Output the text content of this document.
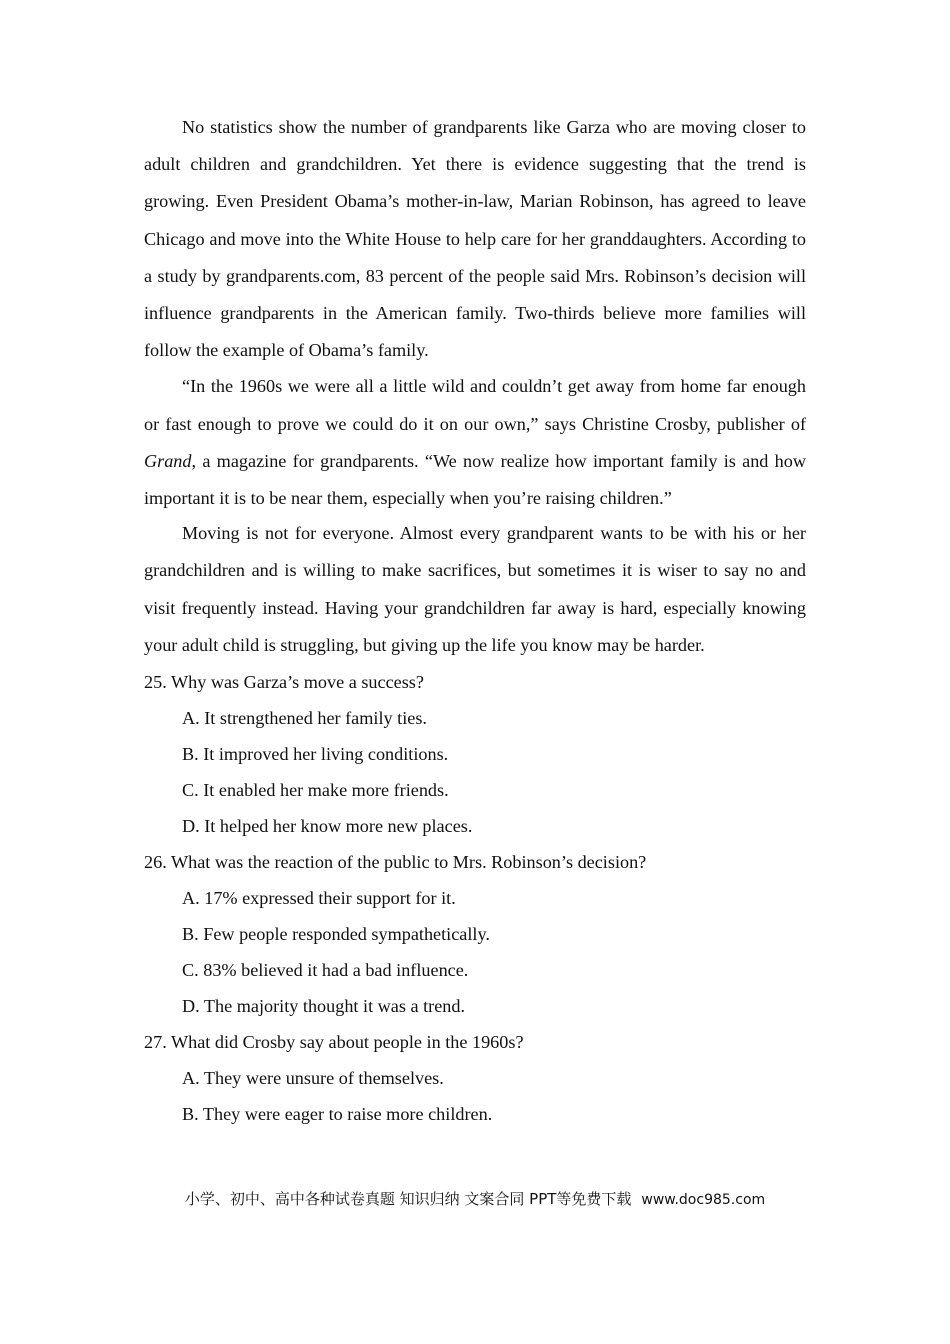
No statistics show the number of grandparents like Garza who are moving closer to adult children and grandchildren. Yet there is evidence suggesting that the trend is growing. Even President Obama’s mother-in-law, Marian Robinson, has agreed to leave Chicago and move into the White House to help care for her granddaughters. According to a study by grandparents.com, 83 percent of the people said Mrs. Robinson’s decision will influence grandparents in the American family. Two-thirds believe more families will follow the example of Obama’s family.

“In the 1960s we were all a little wild and couldn’t get away from home far enough or fast enough to prove we could do it on our own,” says Christine Crosby, publisher of Grand, a magazine for grandparents. “We now realize how important family is and how important it is to be near them, especially when you’re raising children.”

Moving is not for everyone. Almost every grandparent wants to be with his or her grandchildren and is willing to make sacrifices, but sometimes it is wiser to say no and visit frequently instead. Having your grandchildren far away is hard, especially knowing your adult child is struggling, but giving up the life you know may be harder.

25. Why was Garza’s move a success?

A. It strengthened her family ties.

B. It improved her living conditions.

C. It enabled her make more friends.

D. It helped her know more new places.

26. What was the reaction of the public to Mrs. Robinson’s decision?

A. 17% expressed their support for it.

B. Few people responded sympathetically.

C. 83% believed it had a bad influence.

D. The majority thought it was a trend.

27. What did Crosby say about people in the 1960s?

A. They were unsure of themselves.

B. They were eager to raise more children.

小学、初中、高中各种试卷真题 知识归纳 文案合同 PPT等免费下载 www.doc985.com
